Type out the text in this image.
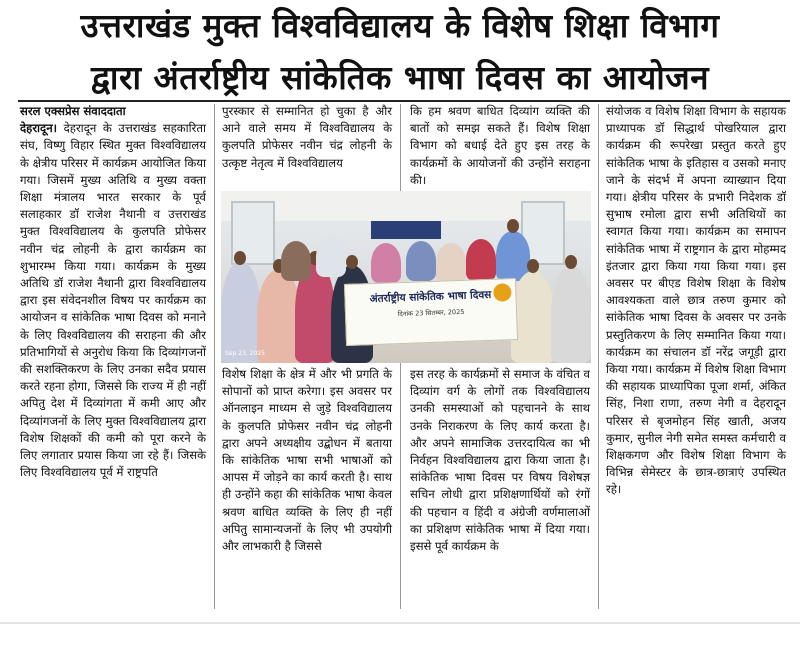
उत्तराखंड मुक्त विश्वविद्यालय के विशेष शिक्षा विभाग
द्वारा अंतर्राष्ट्रीय सांकेतिक भाषा दिवस का आयोजन

सरल एक्सप्रेस संवाददाता
देहरादून। देहरादून के उत्तराखंड सहकारिता संघ, विष्णु विहार स्थित मुक्त विश्वविद्यालय के क्षेत्रीय परिसर में कार्यक्रम आयोजित किया गया। जिसमें मुख्य अतिथि व मुख्य वक्ता शिक्षा मंत्रालय भारत सरकार के पूर्व सलाहकार डॉ राजेश नैथानी व उत्तराखंड मुक्त विश्वविद्यालय के कुलपति प्रोफेसर नवीन चंद्र लोहनी के द्वारा कार्यक्रम का शुभारम्भ किया गया। कार्यक्रम के मुख्य अतिथि डॉ राजेश नैथानी द्वारा विश्वविद्यालय द्वारा इस संवेदनशील विषय पर कार्यक्रम का आयोजन व सांकेतिक भाषा दिवस को मनाने के लिए विश्वविद्यालय की सराहना की और प्रतिभागियों से अनुरोध किया कि दिव्यांगजनों की सशक्तिकरण के लिए उनका सदैव प्रयास करते रहना होगा, जिससे कि राज्य में ही नहीं अपितु देश में दिव्यांगता में कमी आए और दिव्यांगजनों के लिए मुक्त विश्वविद्यालय द्वारा विशेष शिक्षकों की कमी को पूरा करने के लिए लगातार प्रयास किया जा रहे हैं। जिसके लिए विश्वविद्यालय पूर्व में राष्ट्रपति

पुरस्कार से सम्मानित हो चुका है और आने वाले समय में विश्वविद्यालय के कुलपति प्रोफेसर नवीन चंद्र लोहनी के उत्कृष्ट नेतृत्व में विश्वविद्यालय

कि हम श्रवण बाधित दिव्यांग व्यक्ति की बातों को समझ सकते हैं। विशेष शिक्षा विभाग को बधाई देते हुए इस तरह के कार्यक्रमों के आयोजनों की उन्होंने सराहना की।

अंतर्राष्ट्रीय सांकेतिक भाषा दिवस
दिनांक 23 सितम्बर, 2025
Sep 23, 2025

विशेष शिक्षा के क्षेत्र में और भी प्रगति के सोपानों को प्राप्त करेगा। इस अवसर पर ऑनलाइन माध्यम से जुड़े विश्वविद्यालय के कुलपति प्रोफेसर नवीन चंद्र लोहनी द्वारा अपने अध्यक्षीय उद्बोधन में बताया कि सांकेतिक भाषा सभी भाषाओं को आपस में जोड़ने का कार्य करती है। साथ ही उन्होंने कहा की सांकेतिक भाषा केवल श्रवण बाधित व्यक्ति के लिए ही नहीं अपितु सामान्यजनों के लिए भी उपयोगी और लाभकारी है जिससे

इस तरह के कार्यक्रमों से समाज के वंचित व दिव्यांग वर्ग के लोगों तक विश्वविद्यालय उनकी समस्याओं को पहचानने के साथ उनके निराकरण के लिए कार्य करता है। और अपने सामाजिक उत्तरदायित्व का भी निर्वहन विश्वविद्यालय द्वारा किया जाता है। सांकेतिक भाषा दिवस पर विषय विशेषज्ञ सचिन लोधी द्वारा प्रशिक्षणार्थियों को रंगों की पहचान व हिंदी व अंग्रेजी वर्णमालाओं का प्रशिक्षण सांकेतिक भाषा में दिया गया। इससे पूर्व कार्यक्रम के

संयोजक व विशेष शिक्षा विभाग के सहायक प्राध्यापक डॉ सिद्धार्थ पोखरियाल द्वारा कार्यक्रम की रूपरेखा प्रस्तुत करते हुए सांकेतिक भाषा के इतिहास व उसको मनाए जाने के संदर्भ में अपना व्याख्यान दिया गया। क्षेत्रीय परिसर के प्रभारी निदेशक डॉ सुभाष रमोला द्वारा सभी अतिथियों का स्वागत किया गया। कार्यक्रम का समापन सांकेतिक भाषा में राष्ट्रगान के द्वारा मोहम्मद इंतजार द्वारा किया गया किया गया। इस अवसर पर बीएड विशेष शिक्षा के विशेष आवश्यकता वाले छात्र तरुण कुमार को सांकेतिक भाषा दिवस के अवसर पर उनके प्रस्तुतिकरण के लिए सम्मानित किया गया। कार्यक्रम का संचालन डॉ नरेंद्र जगूड़ी द्वारा किया गया। कार्यक्रम में विशेष शिक्षा विभाग की सहायक प्राध्यापिका पूजा शर्मा, अंकित सिंह, निशा राणा, तरुण नेगी व देहरादून परिसर से बृजमोहन सिंह खाती, अजय कुमार, सुनील नेगी समेत समस्त कर्मचारी व शिक्षकगण और विशेष शिक्षा विभाग के विभिन्न सेमेस्टर के छात्र-छात्राएं उपस्थित रहे।
